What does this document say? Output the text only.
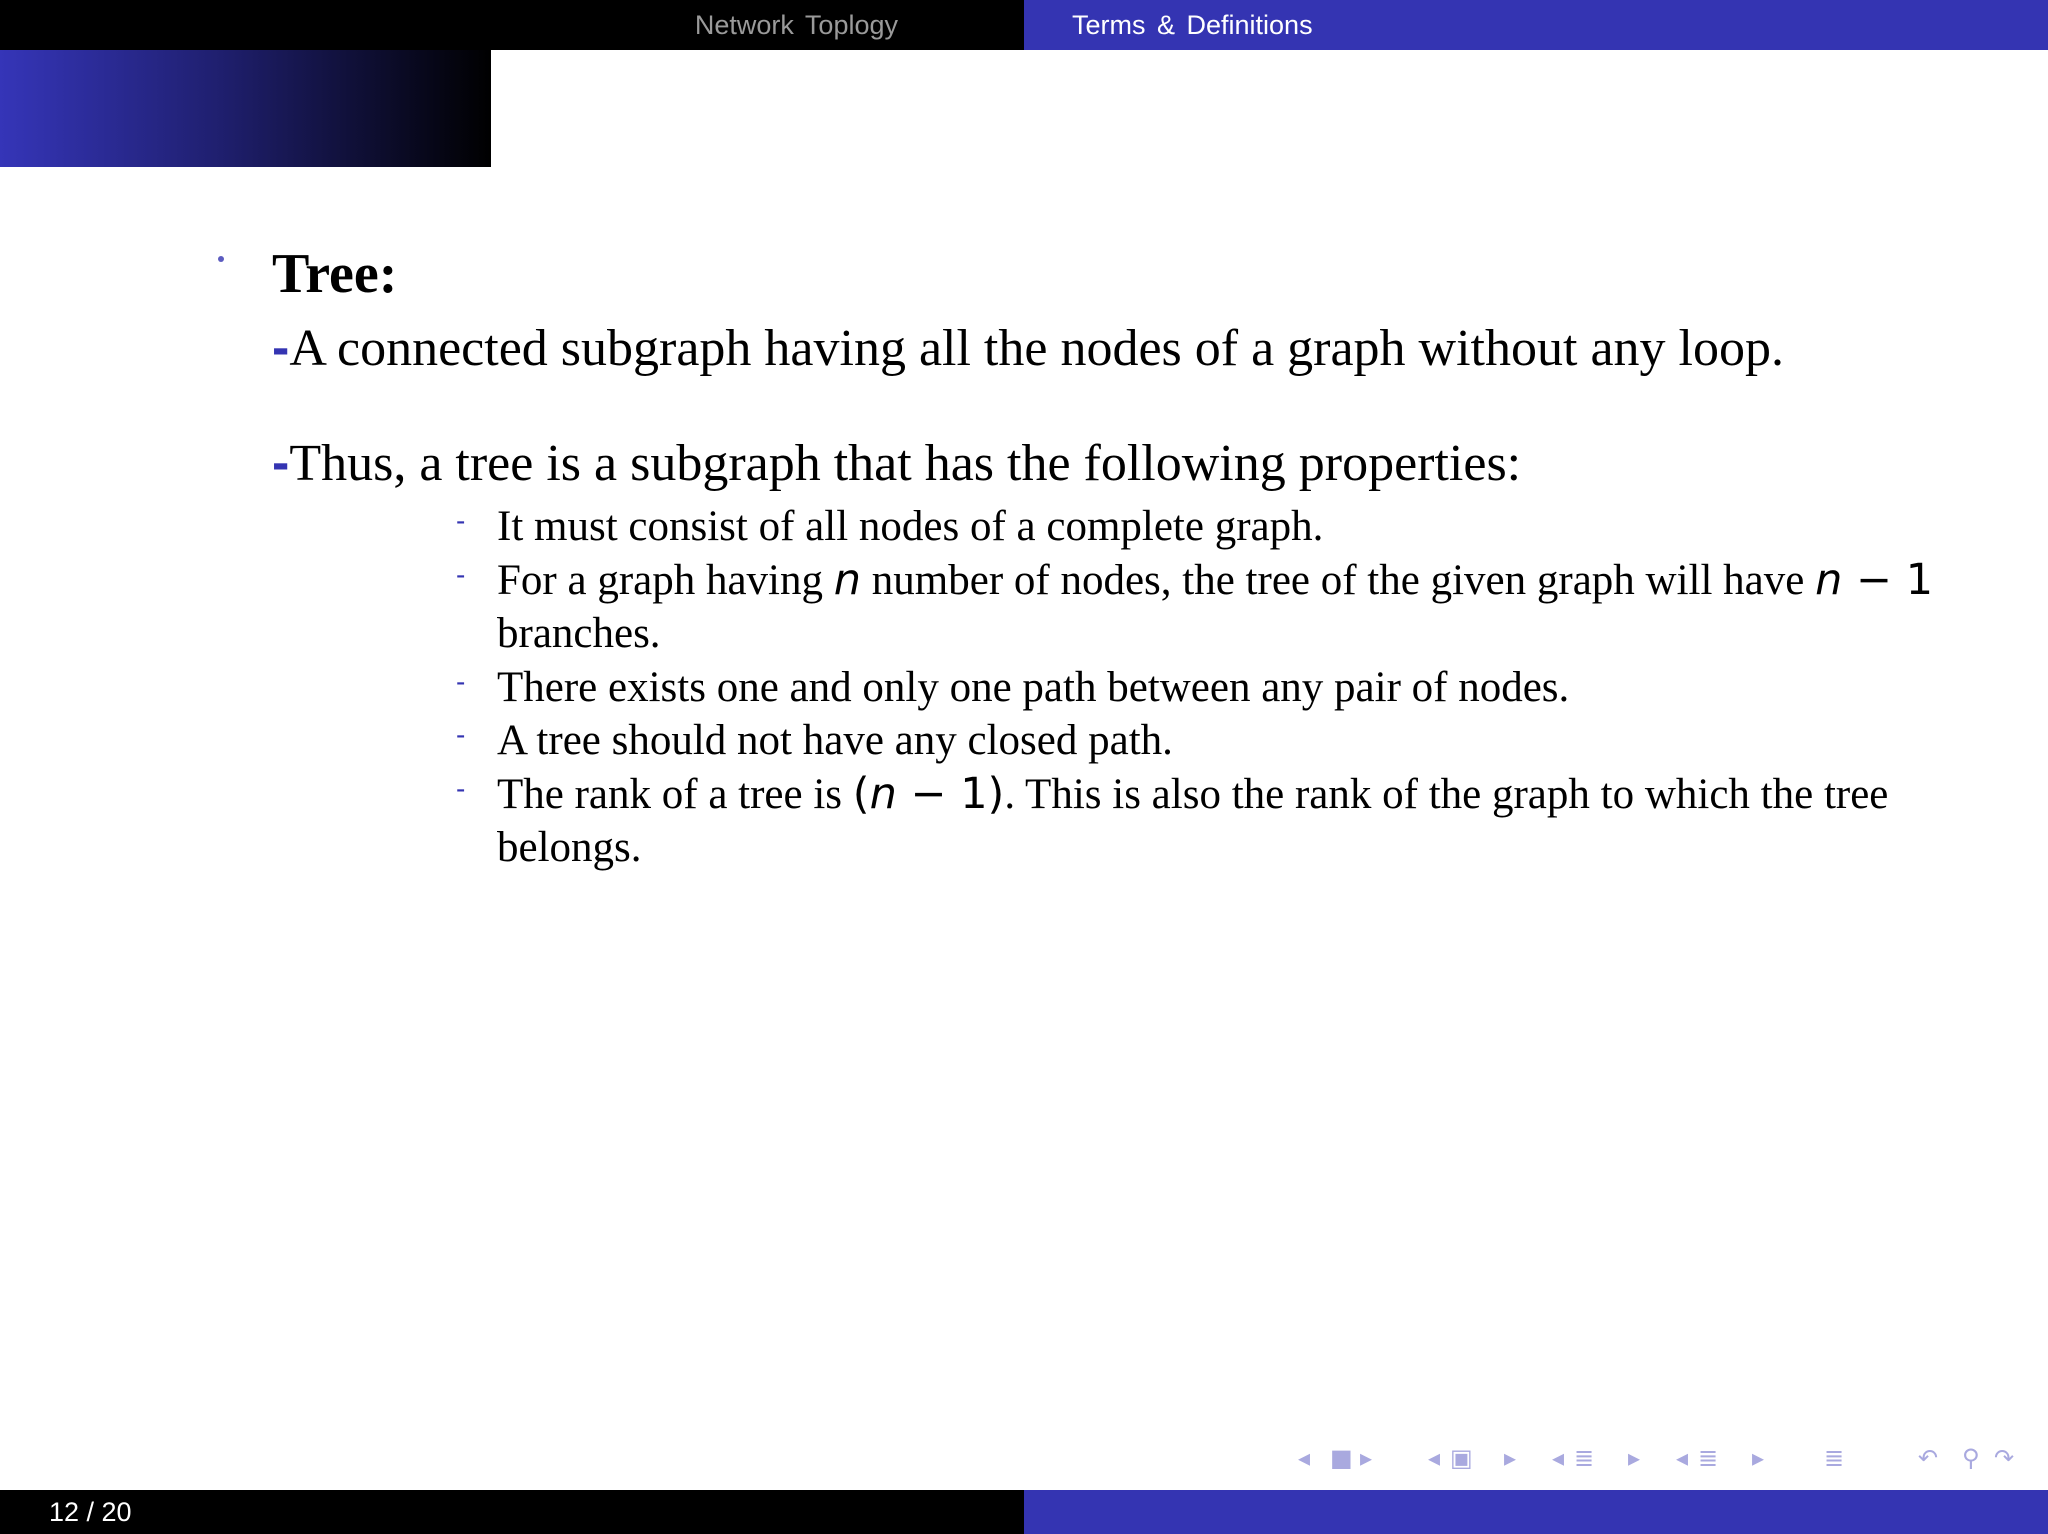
Network Toplogy	Terms & Definitions
Tree:
-A connected subgraph having all the nodes of a graph without any loop.
-Thus, a tree is a subgraph that has the following properties:
- It must consist of all nodes of a complete graph.
- For a graph having n number of nodes, the tree of the given graph will have n − 1 branches.
- There exists one and only one path between any pair of nodes.
- A tree should not have any closed path.
- The rank of a tree is (n − 1). This is also the rank of the graph to which the tree belongs.
◂ ■ ▸ ◂ ▣ ▸ ◂ ≣ ▸ ◂ ≣ ▸ ≣	↶ ⚲ ↷
12 / 20
